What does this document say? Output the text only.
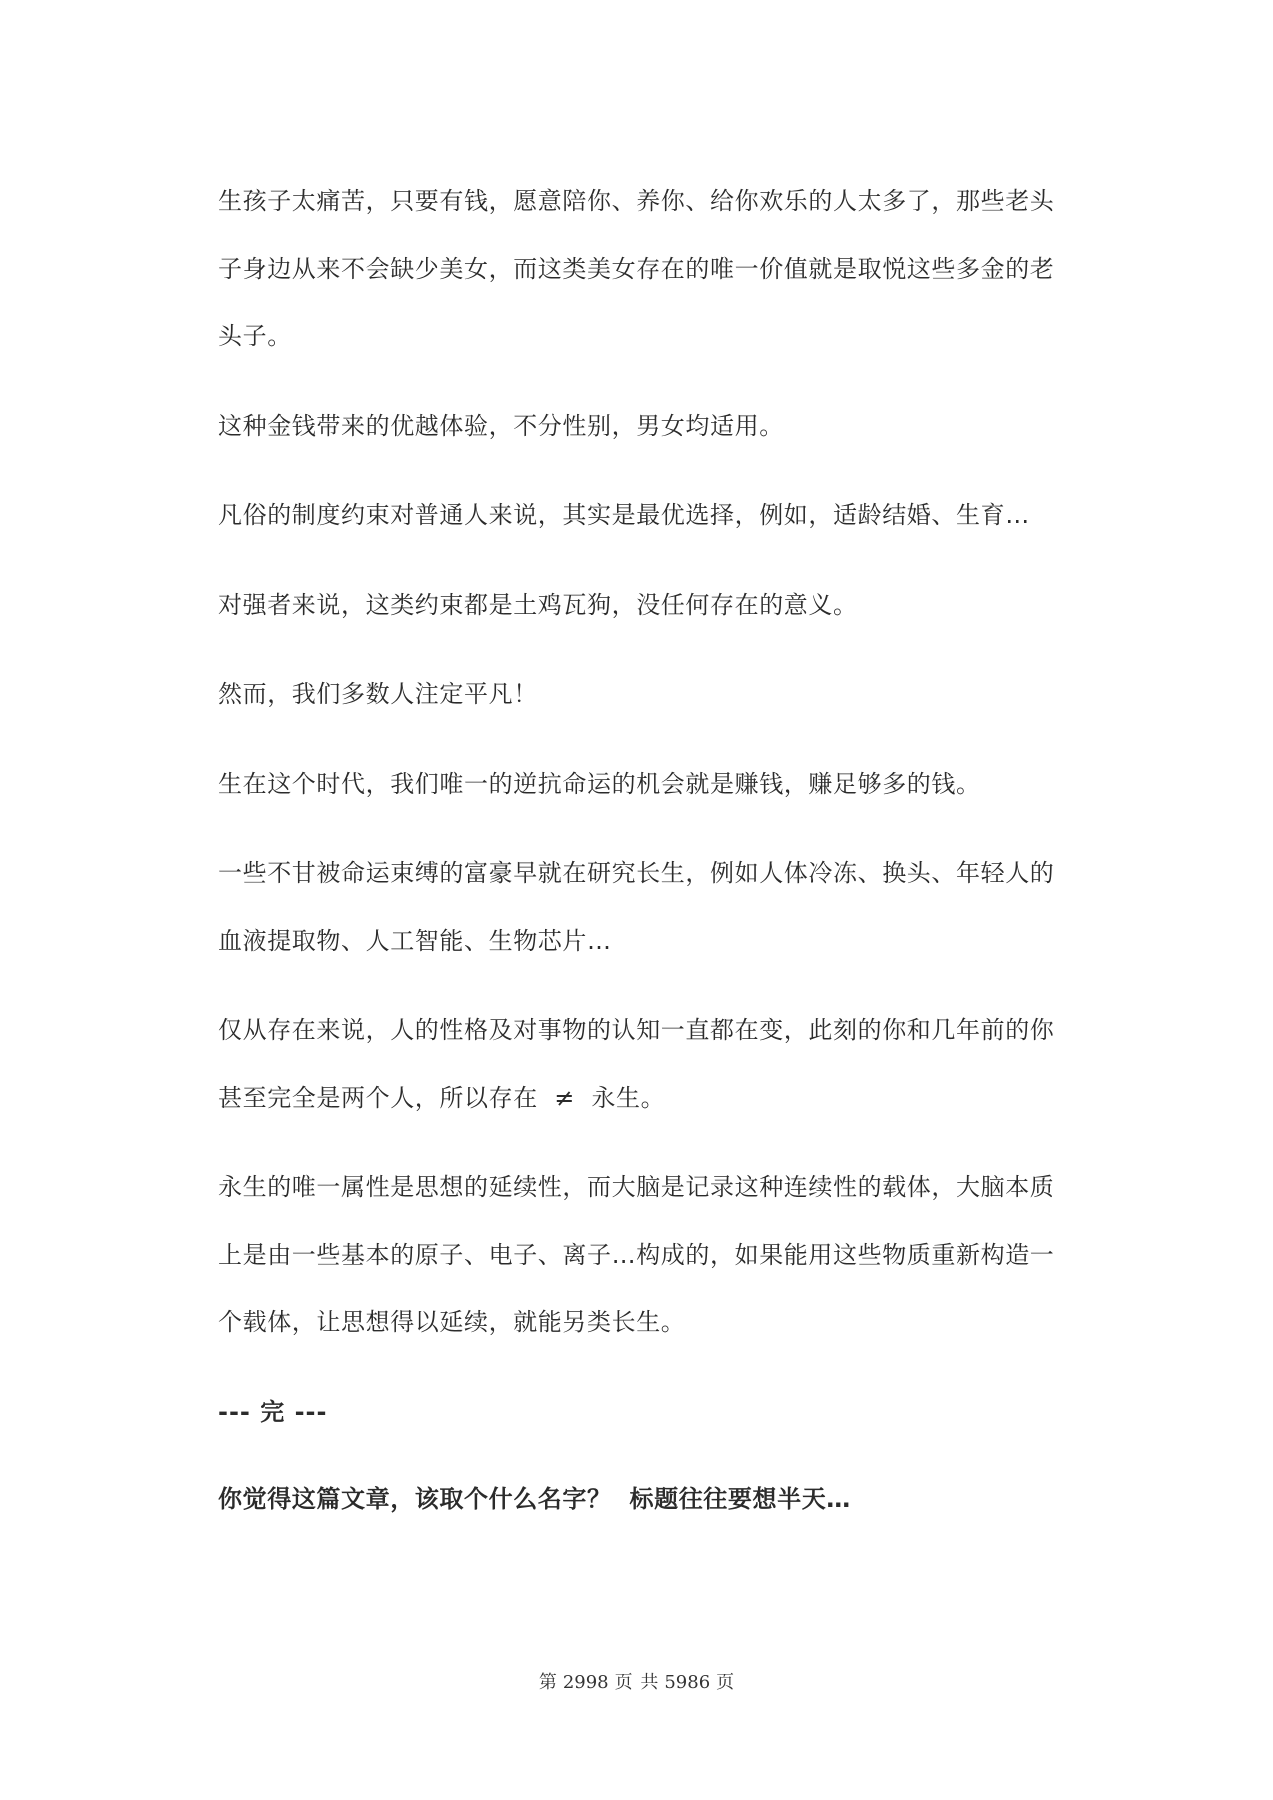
生孩子太痛苦，只要有钱，愿意陪你、养你、给你欢乐的人太多了，那些老头子身边从来不会缺少美女，而这类美女存在的唯一价值就是取悦这些多金的老头子。

这种金钱带来的优越体验，不分性别，男女均适用。

凡俗的制度约束对普通人来说，其实是最优选择，例如，适龄结婚、生育…

对强者来说，这类约束都是土鸡瓦狗，没任何存在的意义。

然而，我们多数人注定平凡！

生在这个时代，我们唯一的逆抗命运的机会就是赚钱，赚足够多的钱。

一些不甘被命运束缚的富豪早就在研究长生，例如人体冷冻、换头、年轻人的血液提取物、人工智能、生物芯片…

仅从存在来说，人的性格及对事物的认知一直都在变，此刻的你和几年前的你甚至完全是两个人，所以存在  ≠  永生。

永生的唯一属性是思想的延续性，而大脑是记录这种连续性的载体，大脑本质上是由一些基本的原子、电子、离子…构成的，如果能用这些物质重新构造一个载体，让思想得以延续，就能另类长生。

--- 完 ---

你觉得这篇文章，该取个什么名字？  标题往往要想半天…

第 2998 页 共 5986 页
